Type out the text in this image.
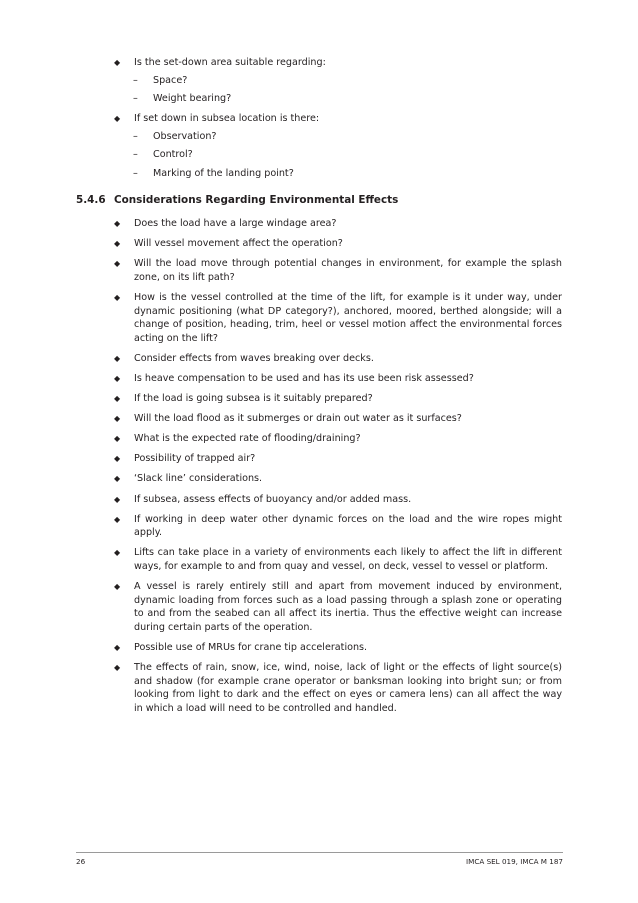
◆ Is the set-down area suitable regarding:
– Space?
– Weight bearing?
◆ If set down in subsea location is there:
– Observation?
– Control?
– Marking of the landing point?
5.4.6 Considerations Regarding Environmental Effects
◆ Does the load have a large windage area?
◆ Will vessel movement affect the operation?
◆ Will the load move through potential changes in environment, for example the splash zone, on its lift path?
◆ How is the vessel controlled at the time of the lift, for example is it under way, under dynamic positioning (what DP category?), anchored, moored, berthed alongside; will a change of position, heading, trim, heel or vessel motion affect the environmental forces acting on the lift?
◆ Consider effects from waves breaking over decks.
◆ Is heave compensation to be used and has its use been risk assessed?
◆ If the load is going subsea is it suitably prepared?
◆ Will the load flood as it submerges or drain out water as it surfaces?
◆ What is the expected rate of flooding/draining?
◆ Possibility of trapped air?
◆ ‘Slack line’ considerations.
◆ If subsea, assess effects of buoyancy and/or added mass.
◆ If working in deep water other dynamic forces on the load and the wire ropes might apply.
◆ Lifts can take place in a variety of environments each likely to affect the lift in different ways, for example to and from quay and vessel, on deck, vessel to vessel or platform.
◆ A vessel is rarely entirely still and apart from movement induced by environment, dynamic loading from forces such as a load passing through a splash zone or operating to and from the seabed can all affect its inertia. Thus the effective weight can increase during certain parts of the operation.
◆ Possible use of MRUs for crane tip accelerations.
◆ The effects of rain, snow, ice, wind, noise, lack of light or the effects of light source(s) and shadow (for example crane operator or banksman looking into bright sun; or from looking from light to dark and the effect on eyes or camera lens) can all affect the way in which a load will need to be controlled and handled.
26	IMCA SEL 019, IMCA M 187
